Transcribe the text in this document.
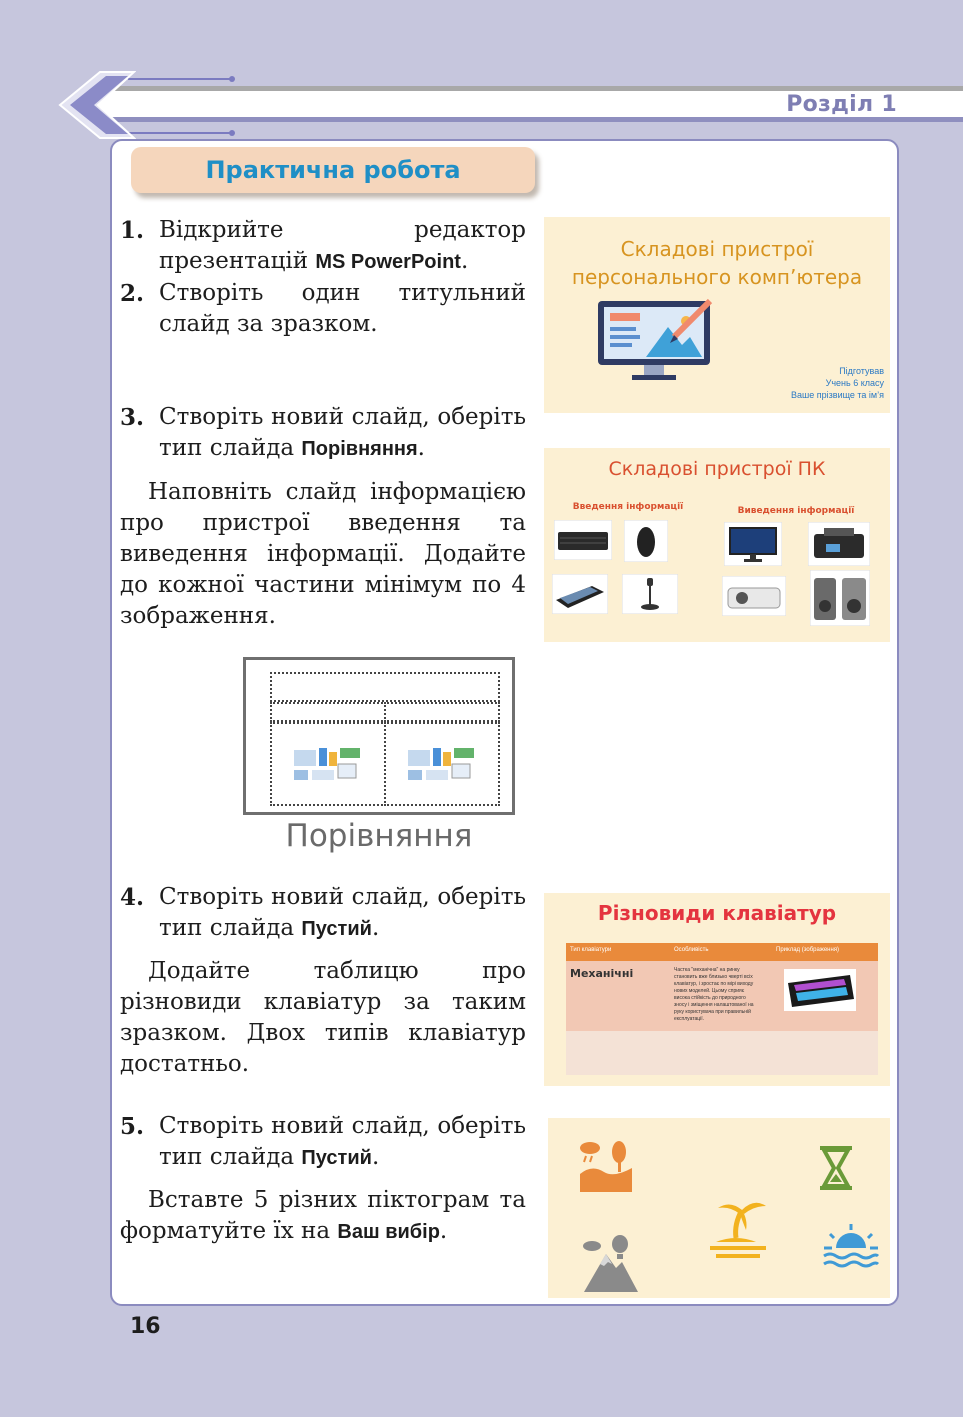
Розділ 1
Практична робота
1. Відкрийте редактор презентацій MS PowerPoint.
2. Створіть один титульний слайд за зразком.
3. Створіть новий слайд, оберіть тип слайда Порівняння.
Наповніть слайд інформацією про пристрої введення та виведення інформації. Додайте до кожної частини мінімум по 4 зображення.
Порівняння
4. Створіть новий слайд, оберіть тип слайда Пустий.
Додайте таблицю про різновиди клавіатур за таким зразком. Двох типів клавіатур достатньо.
5. Створіть новий слайд, оберіть тип слайда Пустий.
Вставте 5 різних піктограм та форматуйте їх на Ваш вибір.
Складові пристрої
персонального комп’ютера
Підготував
Учень 6 класу
Ваше прізвище та ім’я
Складові пристрої ПК
Введення інформації	Виведення інформації
Різновиди клавіатур
Тип клавіатури	Особливість	Приклад (зображення)
Механічні	Частка "механічна" на ринку
становить вже близько чверті всіх
клавіатур, і зростає по мірі виходу
нових моделей. Цьому сприяє
висока стійкість до природного
зносу і зміщення налаштованої на
руку користувача при правильній
експлуатації.
16
